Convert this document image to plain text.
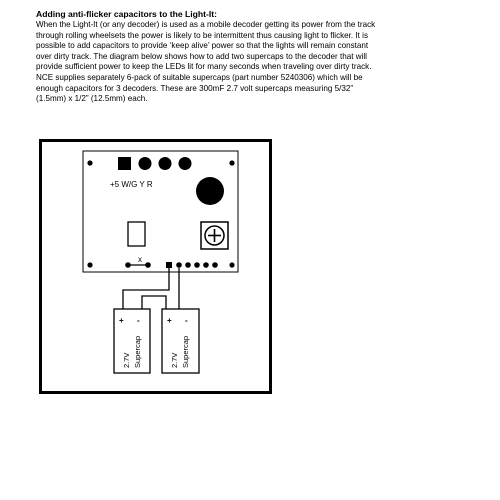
Adding anti-flicker capacitors to the Light-It:

When the Light-It (or any decoder) is used as a mobile decoder getting its power from the track
through rolling wheelsets the power is likely to be intermittent thus causing light to flicker. It is
possible to add capacitors to provide ‘keep alive’ power so that the lights will remain constant
over dirty track. The diagram below shows how to add two supercaps to the decoder that will
provide sufficient power to keep the LEDs lit for many seconds when traveling over dirty track.
NCE supplies separately 6-pack of suitable supercaps (part number 5240306) which will be
enough capacitors for 3 decoders. These are 300mF 2.7 volt supercaps measuring 5/32”
(1.5mm) x 1/2” (12.5mm) each.

+5 W/G Y R
x
+ -
2.7V Supercap
+ -
2.7V Supercap
